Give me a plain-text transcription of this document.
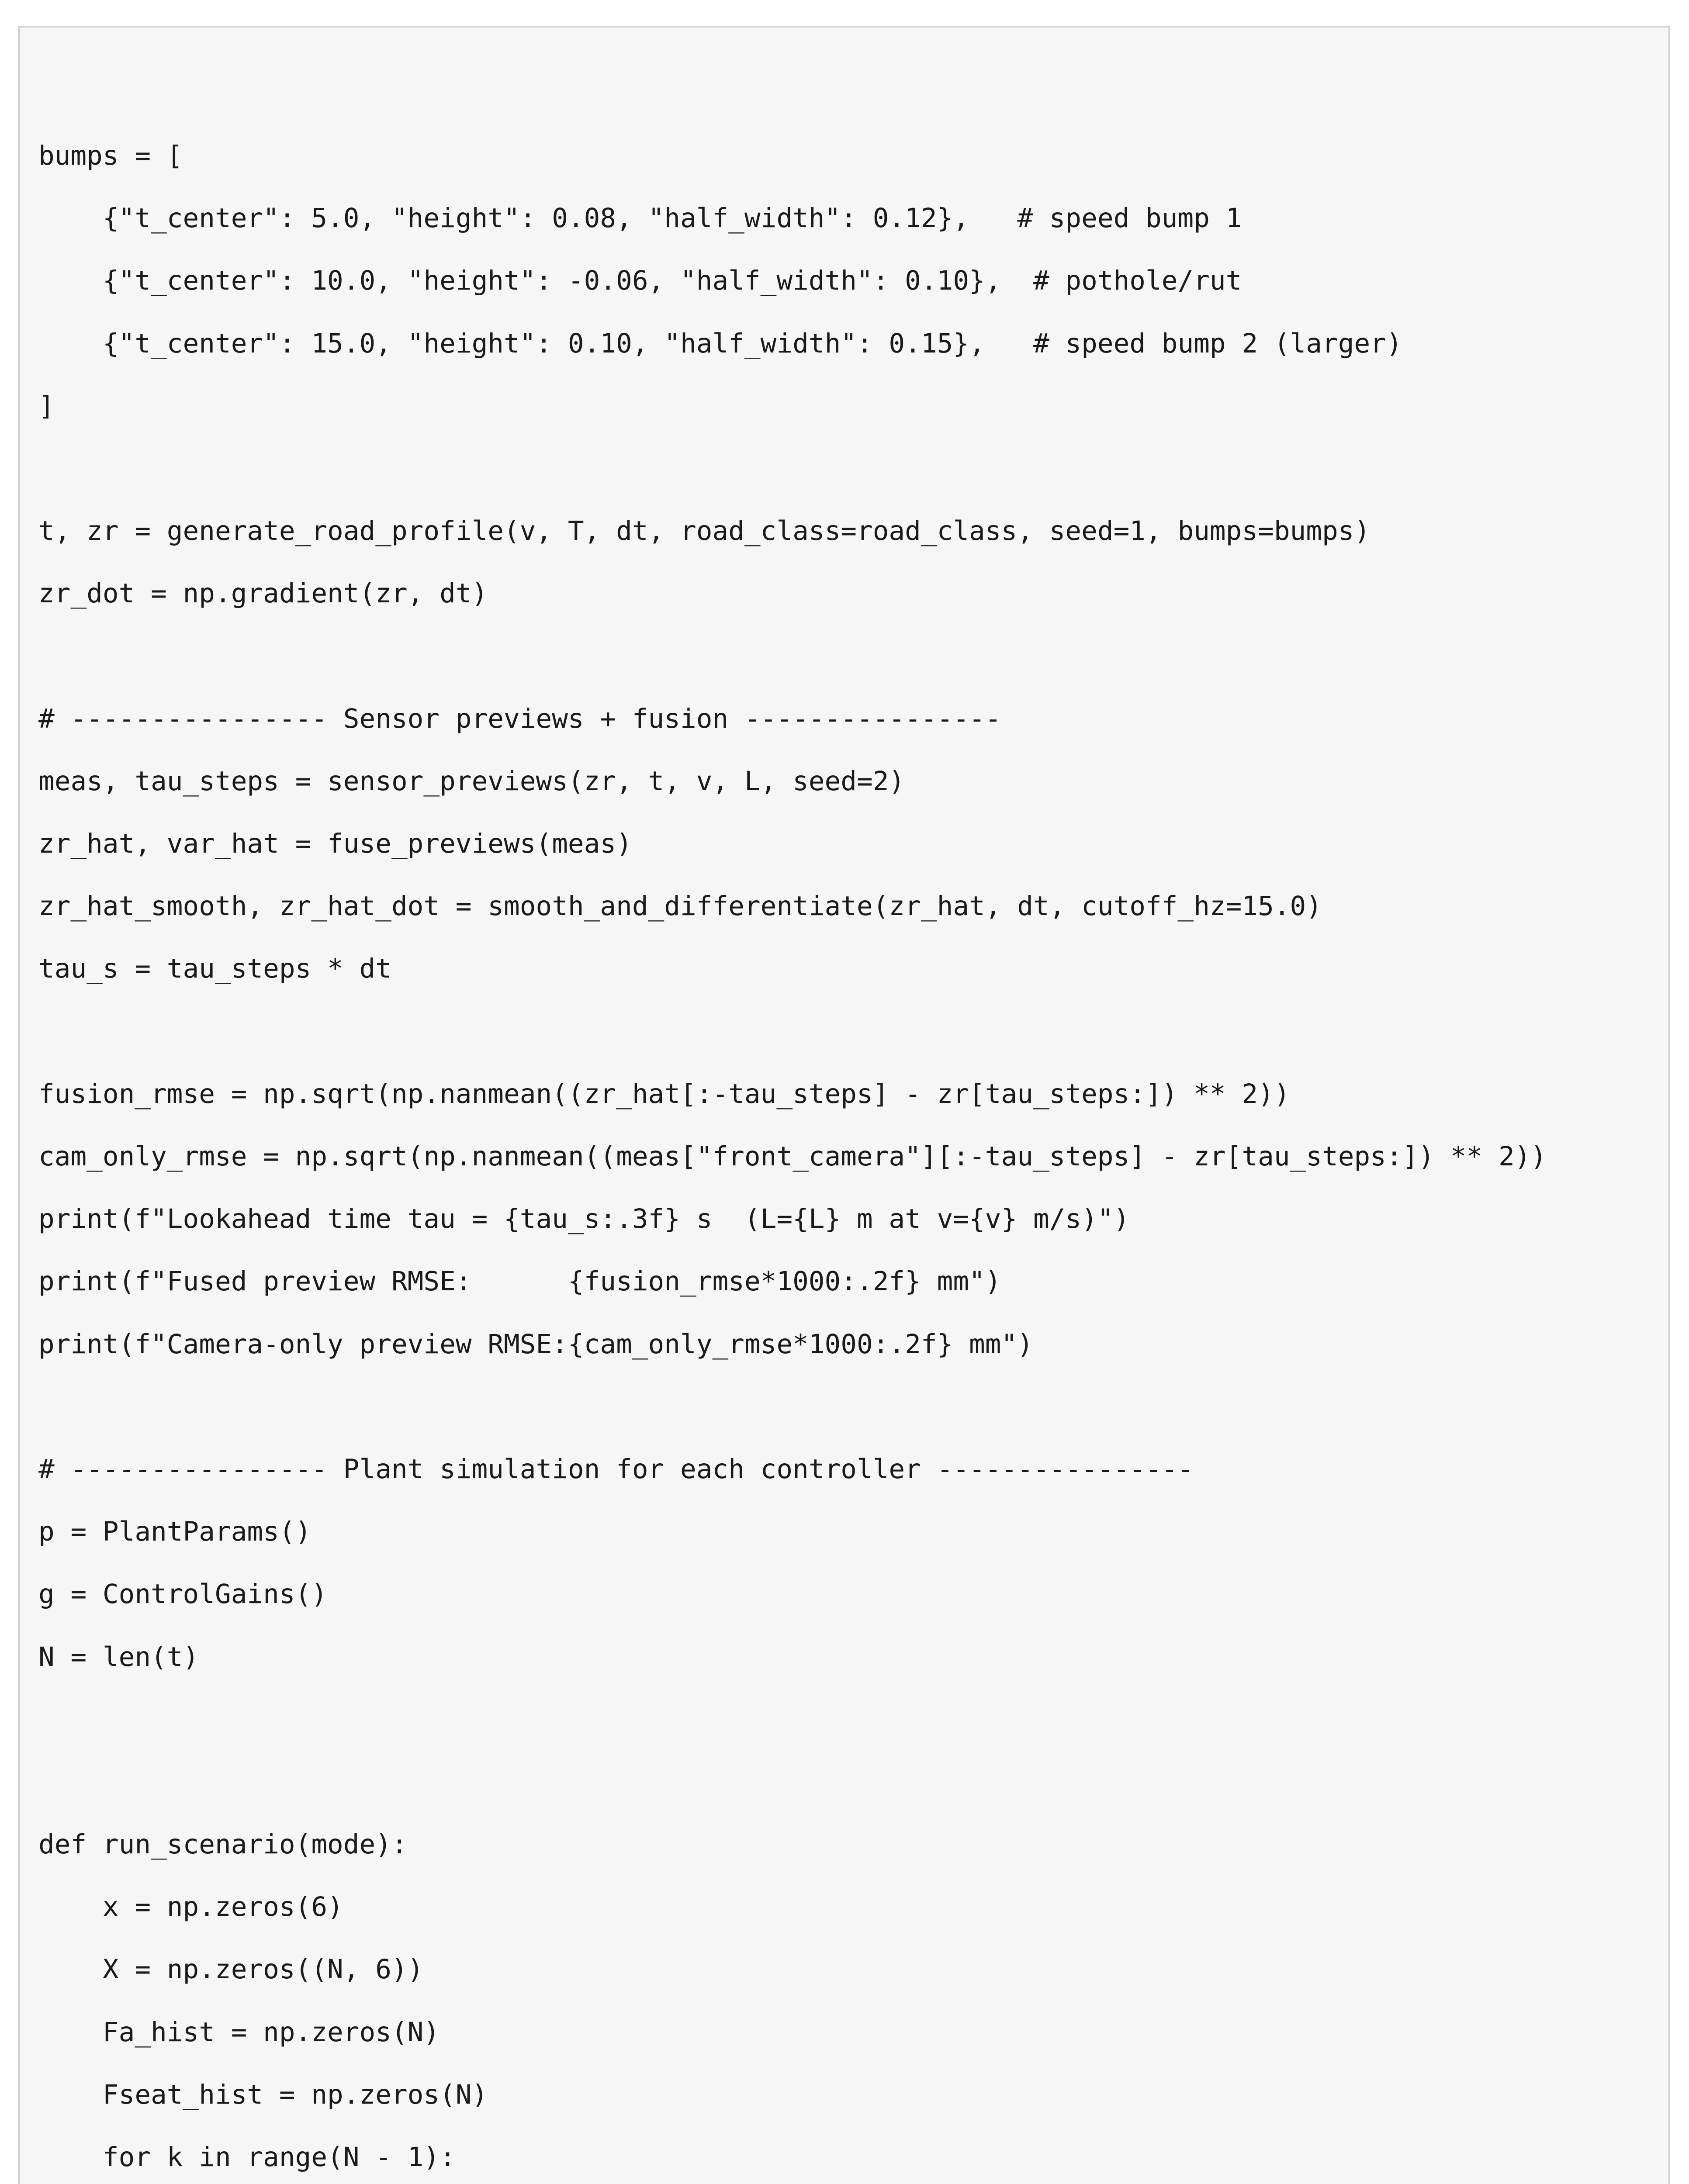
bumps = [
{"t_center": 5.0, "height": 0.08, "half_width": 0.12},   # speed bump 1
{"t_center": 10.0, "height": -0.06, "half_width": 0.10},  # pothole/rut
{"t_center": 15.0, "height": 0.10, "half_width": 0.15},   # speed bump 2 (larger)
]
t, zr = generate_road_profile(v, T, dt, road_class=road_class, seed=1, bumps=bumps)
zr_dot = np.gradient(zr, dt)
# ---------------- Sensor previews + fusion ----------------
meas, tau_steps = sensor_previews(zr, t, v, L, seed=2)
zr_hat, var_hat = fuse_previews(meas)
zr_hat_smooth, zr_hat_dot = smooth_and_differentiate(zr_hat, dt, cutoff_hz=15.0)
tau_s = tau_steps * dt
fusion_rmse = np.sqrt(np.nanmean((zr_hat[:-tau_steps] - zr[tau_steps:]) ** 2))
cam_only_rmse = np.sqrt(np.nanmean((meas["front_camera"][:-tau_steps] - zr[tau_steps:]) ** 2))
print(f"Lookahead time tau = {tau_s:.3f} s  (L={L} m at v={v} m/s)")
print(f"Fused preview RMSE:      {fusion_rmse*1000:.2f} mm")
print(f"Camera-only preview RMSE:{cam_only_rmse*1000:.2f} mm")
# ---------------- Plant simulation for each controller ----------------
p = PlantParams()
g = ControlGains()
N = len(t)
def run_scenario(mode):
x = np.zeros(6)
X = np.zeros((N, 6))
Fa_hist = np.zeros(N)
Fseat_hist = np.zeros(N)
for k in range(N - 1):
